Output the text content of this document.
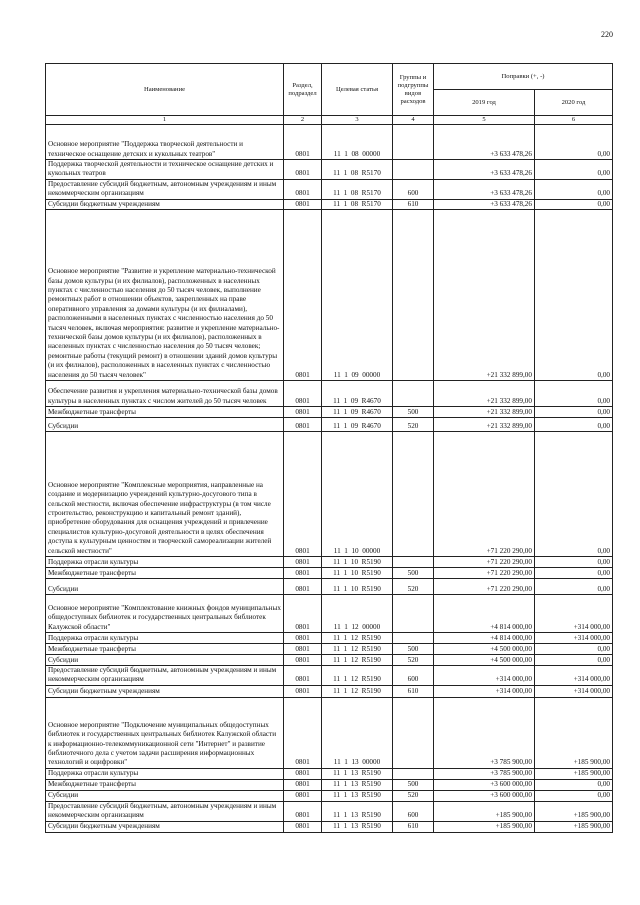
220
Наименование	Раздел, подраздел	Целевая статья	Группы и подгруппы видов расходов	Поправки (+, -)	
				2019 год	2020 год
1	2	3	4	5	6
Основное мероприятие "Поддержка творческой деятельности и техническое оснащение детских и кукольных театров"	0801	11  1  08  00000		+3 633 478,26	0,00
Поддержка творческой деятельности и техническое оснащение детских и кукольных театров	0801	11  1  08  R5170		+3 633 478,26	0,00
Предоставление субсидий бюджетным, автономным учреждениям и иным некоммерческим организациям	0801	11  1  08  R5170	600	+3 633 478,26	0,00
Субсидии бюджетным учреждениям	0801	11  1  08  R5170	610	+3 633 478,26	0,00
Основное мероприятие "Развитие и укрепление материально-технической базы домов культуры (и их филиалов), расположенных в населенных пунктах с численностью населения до 50 тысяч человек, выполнение ремонтных работ в отношении объектов, закрепленных на праве оперативного управления за домами культуры (и их филиалами), расположенными в населенных пунктах с численностью населения до 50 тысяч человек, включая мероприятия: развитие и укрепление материально-технической базы домов культуры (и их филиалов), расположенных в населенных пунктах с численностью населения до 50 тысяч человек; ремонтные работы (текущий ремонт) в отношении зданий домов культуры (и их филиалов), расположенных в населенных пунктах с численностью населения до 50 тысяч человек"	0801	11  1  09  00000		+21 332 899,00	0,00
Обеспечение развития и укрепления материально-технической базы домов культуры в населенных пунктах с числом жителей до 50 тысяч человек	0801	11  1  09  R4670		+21 332 899,00	0,00
Межбюджетные трансферты	0801	11  1  09  R4670	500	+21 332 899,00	0,00
Субсидии	0801	11  1  09  R4670	520	+21 332 899,00	0,00
Основное мероприятие "Комплексные мероприятия, направленные на создание и модернизацию учреждений культурно-досугового типа в сельской местности, включая обеспечение инфраструктуры (в том числе строительство, реконструкцию и капитальный ремонт зданий), приобретение оборудования для оснащения учреждений и привлечение специалистов культурно-досуговой деятельности в целях обеспечения доступа к культурным ценностям и творческой самореализации жителей сельской местности"	0801	11  1  10  00000		+71 220 290,00	0,00
Поддержка отрасли культуры	0801	11  1  10  R5190		+71 220 290,00	0,00
Межбюджетные трансферты	0801	11  1  10  R5190	500	+71 220 290,00	0,00
Субсидии	0801	11  1  10  R5190	520	+71 220 290,00	0,00
Основное мероприятие "Комплектование книжных фондов муниципальных общедоступных библиотек и государственных центральных библиотек Калужской области"	0801	11  1  12  00000		+4 814 000,00	+314 000,00
Поддержка отрасли культуры	0801	11  1  12  R5190		+4 814 000,00	+314 000,00
Межбюджетные трансферты	0801	11  1  12  R5190	500	+4 500 000,00	0,00
Субсидии	0801	11  1  12  R5190	520	+4 500 000,00	0,00
Предоставление субсидий бюджетным, автономным учреждениям и иным некоммерческим организациям	0801	11  1  12  R5190	600	+314 000,00	+314 000,00
Субсидии бюджетным учреждениям	0801	11  1  12  R5190	610	+314 000,00	+314 000,00
Основное мероприятие "Подключение муниципальных общедоступных библиотек и государственных центральных библиотек Калужской области к информационно-телекоммуникационной сети "Интернет" и развитие библиотечного дела с учетом задачи расширения информационных технологий и оцифровки"	0801	11  1  13  00000		+3 785 900,00	+185 900,00
Поддержка отрасли культуры	0801	11  1  13  R5190		+3 785 900,00	+185 900,00
Межбюджетные трансферты	0801	11  1  13  R5190	500	+3 600 000,00	0,00
Субсидии	0801	11  1  13  R5190	520	+3 600 000,00	0,00
Предоставление субсидий бюджетным, автономным учреждениям и иным некоммерческим организациям	0801	11  1  13  R5190	600	+185 900,00	+185 900,00
Субсидии бюджетным учреждениям	0801	11  1  13  R5190	610	+185 900,00	+185 900,00
